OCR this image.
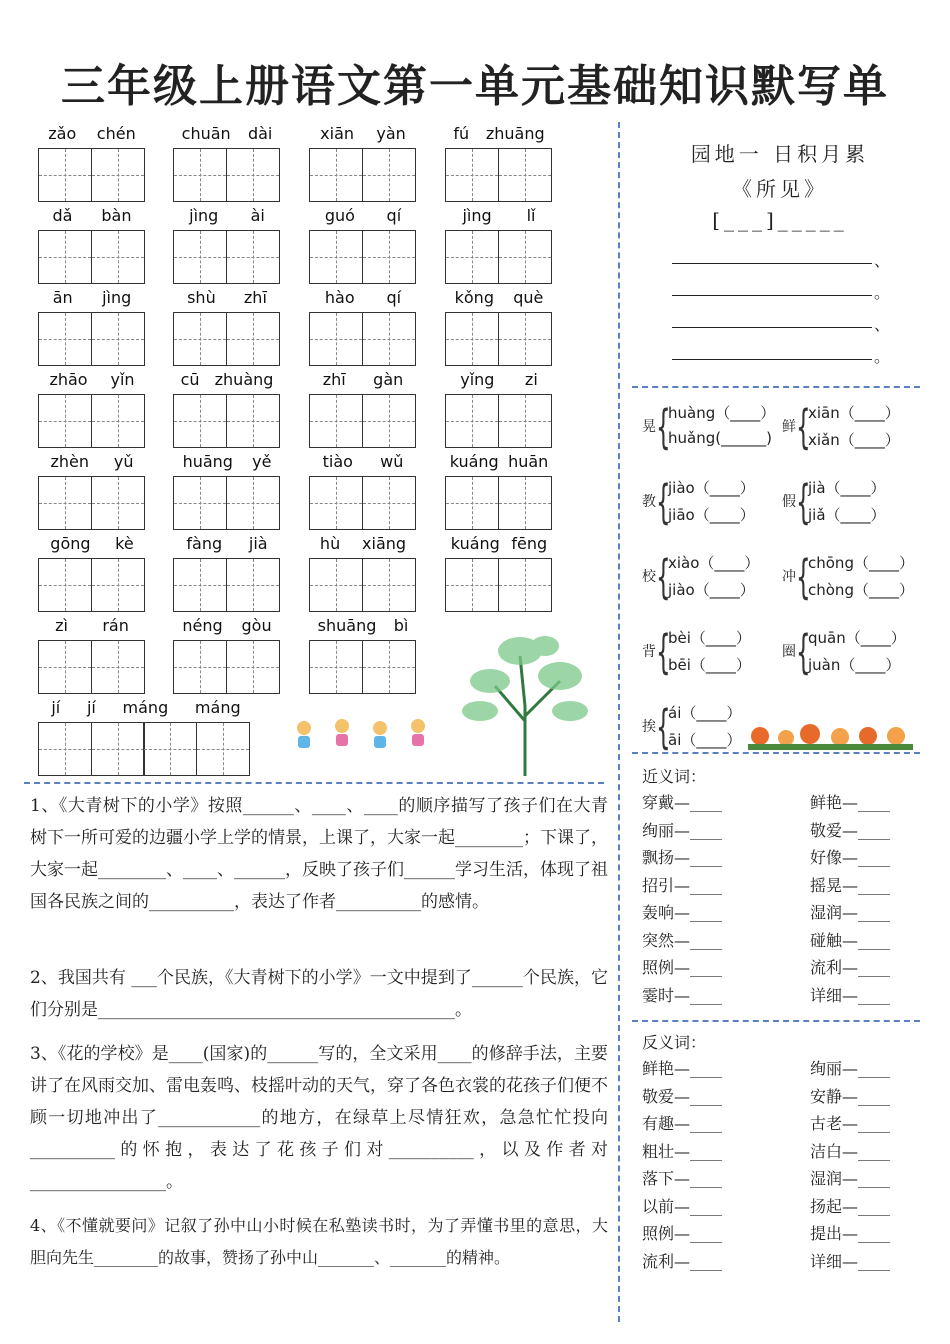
三年级上册语文第一单元基础知识默写单
zǎo chén	chuān dài	xiān yàn	fú zhuāng
dǎ bàn	jìng ài	guó qí	jìng lǐ
ān jìng	shù zhī	hào qí	kǒng què
zhāo yǐn	cū zhuàng	zhī gàn	yǐng zi
zhèn yǔ	huāng yě	tiào wǔ	kuáng huān
gōng kè	fàng jià	hù xiāng	kuáng fēng
zì rán	néng gòu	shuāng bì
jí jí máng máng
园地一 日积月累
《所见》
[___]_____
、
。
、
。
晃 {
huàng（____）
huǎng(______)
鲜 {
xiān（____）
xiǎn（____）
教 {
jiào（____）
jiāo（____）
假 {
jià（____）
jiǎ（____）
校 {
xiào（____）
jiào（____）
冲 {
chōng（____）
chòng（____）
背 {
bèi（____）
bēi（____）
圈 {
quān（____）
juàn（____）
挨 {
ái（____）
āi（____）
近义词：
穿戴—____
绚丽—____
飘扬—____
招引—____
轰响—____
突然—____
照例—____
霎时—____
鲜艳—____
敬爱—____
好像—____
摇晃—____
湿润—____
碰触—____
流利—____
详细—____
反义词：
鲜艳—____
敬爱—____
有趣—____
粗壮—____
落下—____
以前—____
照例—____
流利—____
绚丽—____
安静—____
古老—____
洁白—____
湿润—____
扬起—____
提出—____
详细—____
1、《大青树下的小学》按照______、____、____的顺序描写了孩子们在大青树下一所可爱的边疆小学上学的情景，上课了，大家一起________；下课了，大家一起________、____、______，反映了孩子们______学习生活，体现了祖国各民族之间的__________，表达了作者__________的感情。
2、我国共有 ___个民族，《大青树下的小学》一文中提到了______个民族，它们分别是__________________________________________。
3、《花的学校》是____(国家)的______写的，全文采用____的修辞手法，主要讲了在风雨交加、雷电轰鸣、枝摇叶动的天气，穿了各色衣裳的花孩子们便不顾一切地冲出了____________的地方，在绿草上尽情狂欢，急急忙忙投向__________的怀抱，表达了花孩子们对__________，以及作者对________________。
4、《不懂就要问》记叙了孙中山小时候在私塾读书时，为了弄懂书里的意思，大胆向先生________的故事，赞扬了孙中山_______、_______的精神。
